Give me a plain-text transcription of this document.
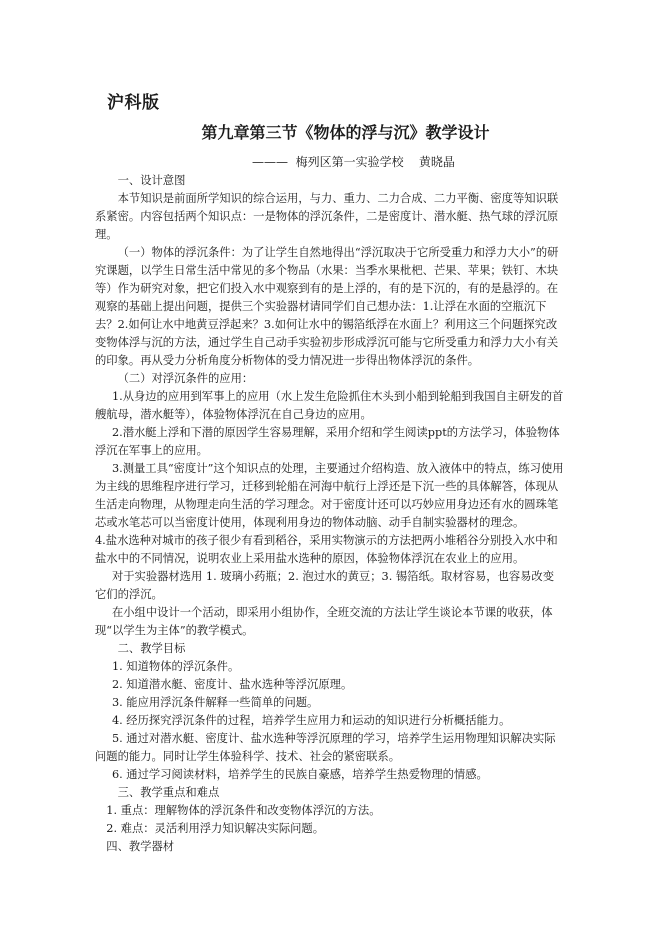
沪科版

第九章第三节《物体的浮与沉》教学设计

———  梅列区第一实验学校    黄晓晶

一、设计意图

本节知识是前面所学知识的综合运用，与力、重力、二力合成、二力平衡、密度等知识联系紧密。内容包括两个知识点：一是物体的浮沉条件，二是密度计、潜水艇、热气球的浮沉原理。

（一）物体的浮沉条件：为了让学生自然地得出“浮沉取决于它所受重力和浮力大小”的研究课题，以学生日常生活中常见的多个物品（水果：当季水果枇杷、芒果、苹果；铁钉、木块等）作为研究对象，把它们投入水中观察到有的是上浮的，有的是下沉的，有的是悬浮的。在观察的基础上提出问题，提供三个实验器材请同学们自己想办法：1.让浮在水面的空瓶沉下去？2.如何让水中地黄豆浮起来？3.如何让水中的锡箔纸浮在水面上？利用这三个问题探究改变物体浮与沉的方法，通过学生自己动手实验初步形成浮沉可能与它所受重力和浮力大小有关的印象。再从受力分析角度分析物体的受力情况进一步得出物体浮沉的条件。

（二）对浮沉条件的应用：

1.从身边的应用到军事上的应用（水上发生危险抓住木头到小船到轮船到我国自主研发的首艘航母，潜水艇等），体验物体浮沉在自己身边的应用。

2.潜水艇上浮和下潜的原因学生容易理解，采用介绍和学生阅读ppt的方法学习，体验物体浮沉在军事上的应用。

3.测量工具“密度计”这个知识点的处理，主要通过介绍构造、放入液体中的特点，练习使用为主线的思维程序进行学习，迁移到轮船在河海中航行上浮还是下沉一些的具体解答，体现从生活走向物理，从物理走向生活的学习理念。对于密度计还可以巧妙应用身边还有水的圆珠笔芯或水笔芯可以当密度计使用，体现利用身边的物体动脑、动手自制实验器材的理念。

4.盐水选种对城市的孩子很少有看到稻谷，采用实物演示的方法把两小堆稻谷分别投入水中和盐水中的不同情况，说明农业上采用盐水选种的原因，体验物体浮沉在农业上的应用。

对于实验器材选用 1. 玻璃小药瓶；2. 泡过水的黄豆；3. 锡箔纸。取材容易，也容易改变它们的浮沉。

在小组中设计一个活动，即采用小组协作，全班交流的方法让学生谈论本节课的收获，体现“以学生为主体”的教学模式。

二、教学目标

1. 知道物体的浮沉条件。

2. 知道潜水艇、密度计、盐水选种等浮沉原理。

3. 能应用浮沉条件解释一些简单的问题。

4. 经历探究浮沉条件的过程，培养学生应用力和运动的知识进行分析概括能力。

5. 通过对潜水艇、密度计、盐水选种等浮沉原理的学习，培养学生运用物理知识解决实际问题的能力。同时让学生体验科学、技术、社会的紧密联系。

6. 通过学习阅读材料，培养学生的民族自豪感，培养学生热爱物理的情感。

三、教学重点和难点

1. 重点：理解物体的浮沉条件和改变物体浮沉的方法。

2. 难点：灵活利用浮力知识解决实际问题。

四、教学器材
